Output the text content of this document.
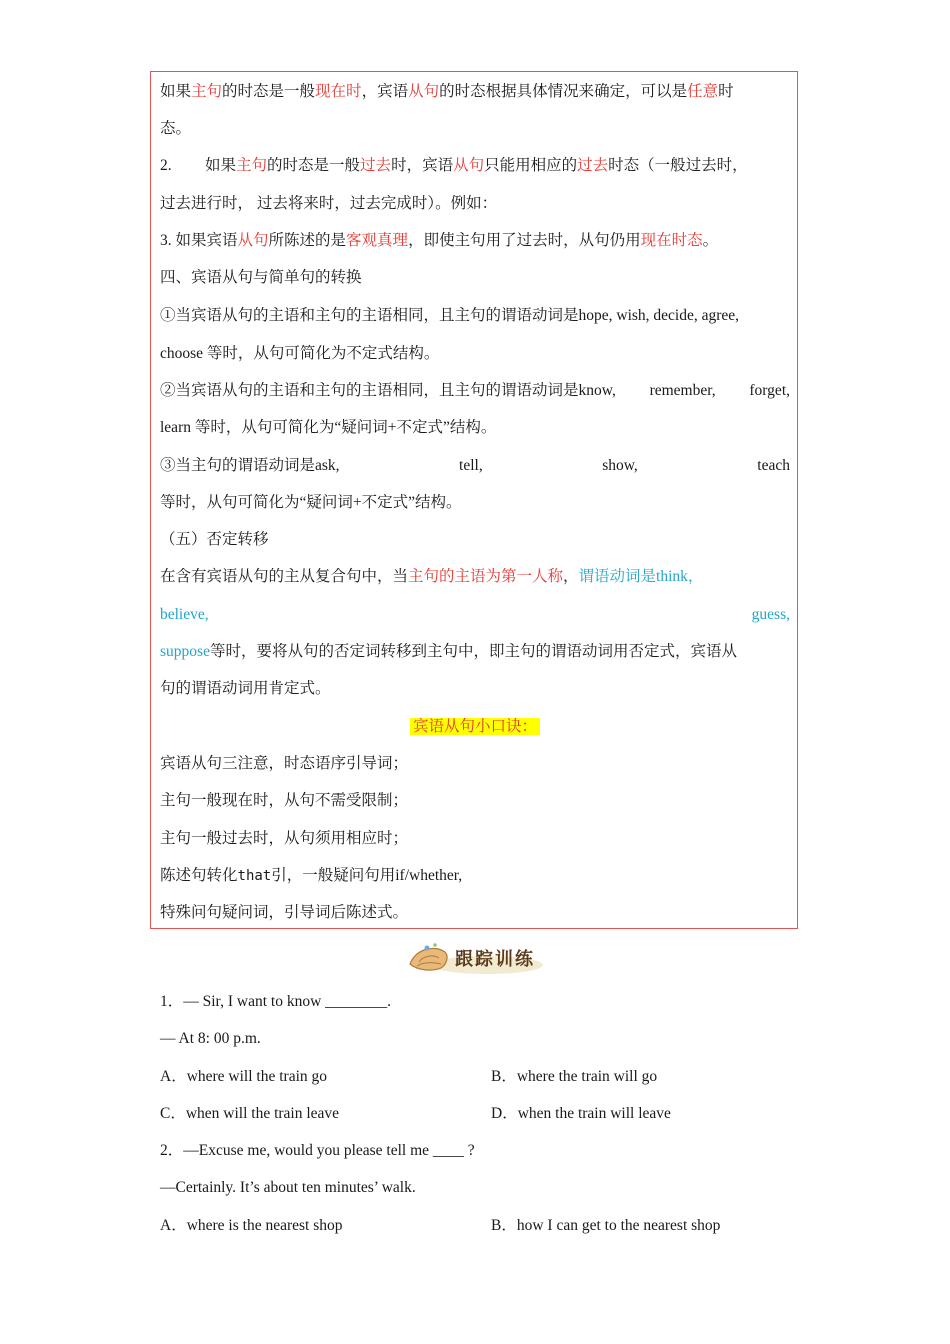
如果主句的时态是一般现在时，宾语从句的时态根据具体情况来确定，可以是任意时
态。
2. 如果主句的时态是一般过去时，宾语从句只能用相应的过去时态（一般过去时，
过去进行时， 过去将来时，过去完成时）。例如：
3. 如果宾语从句所陈述的是客观真理，即使主句用了过去时，从句仍用现在时态。
四、宾语从句与简单句的转换
①当宾语从句的主语和主句的主语相同，且主句的谓语动词是hope, wish, decide, agree,
choose 等时，从句可简化为不定式结构。
②当宾语从句的主语和主句的主语相同，且主句的谓语动词是know, remember, forget,
learn 等时，从句可简化为“疑问词+不定式”结构。
③当主句的谓语动词是ask,	tell,	show,	teach
等时，从句可简化为“疑问词+不定式”结构。
（五）否定转移
在含有宾语从句的主从复合句中，当主句的主语为第一人称，谓语动词是think，
believe,	guess,
suppose等时，要将从句的否定词转移到主句中，即主句的谓语动词用否定式，宾语从
句的谓语动词用肯定式。
宾语从句小口诀：
宾语从句三注意，时态语序引导词；
主句一般现在时，从句不需受限制；
主句一般过去时，从句须用相应时；
陈述句转化that引，一般疑问句用if/whether,
特殊问句疑问词，引导词后陈述式。
跟踪训练
1．— Sir, I want to know ________.
— At 8: 00 p.m.
A．where will the train go	B．where the train will go
C．when will the train leave	D．when the train will leave
2．—Excuse me, would you please tell me ____ ?
—Certainly. It’s about ten minutes’ walk.
A．where is the nearest shop	B．how I can get to the nearest shop
